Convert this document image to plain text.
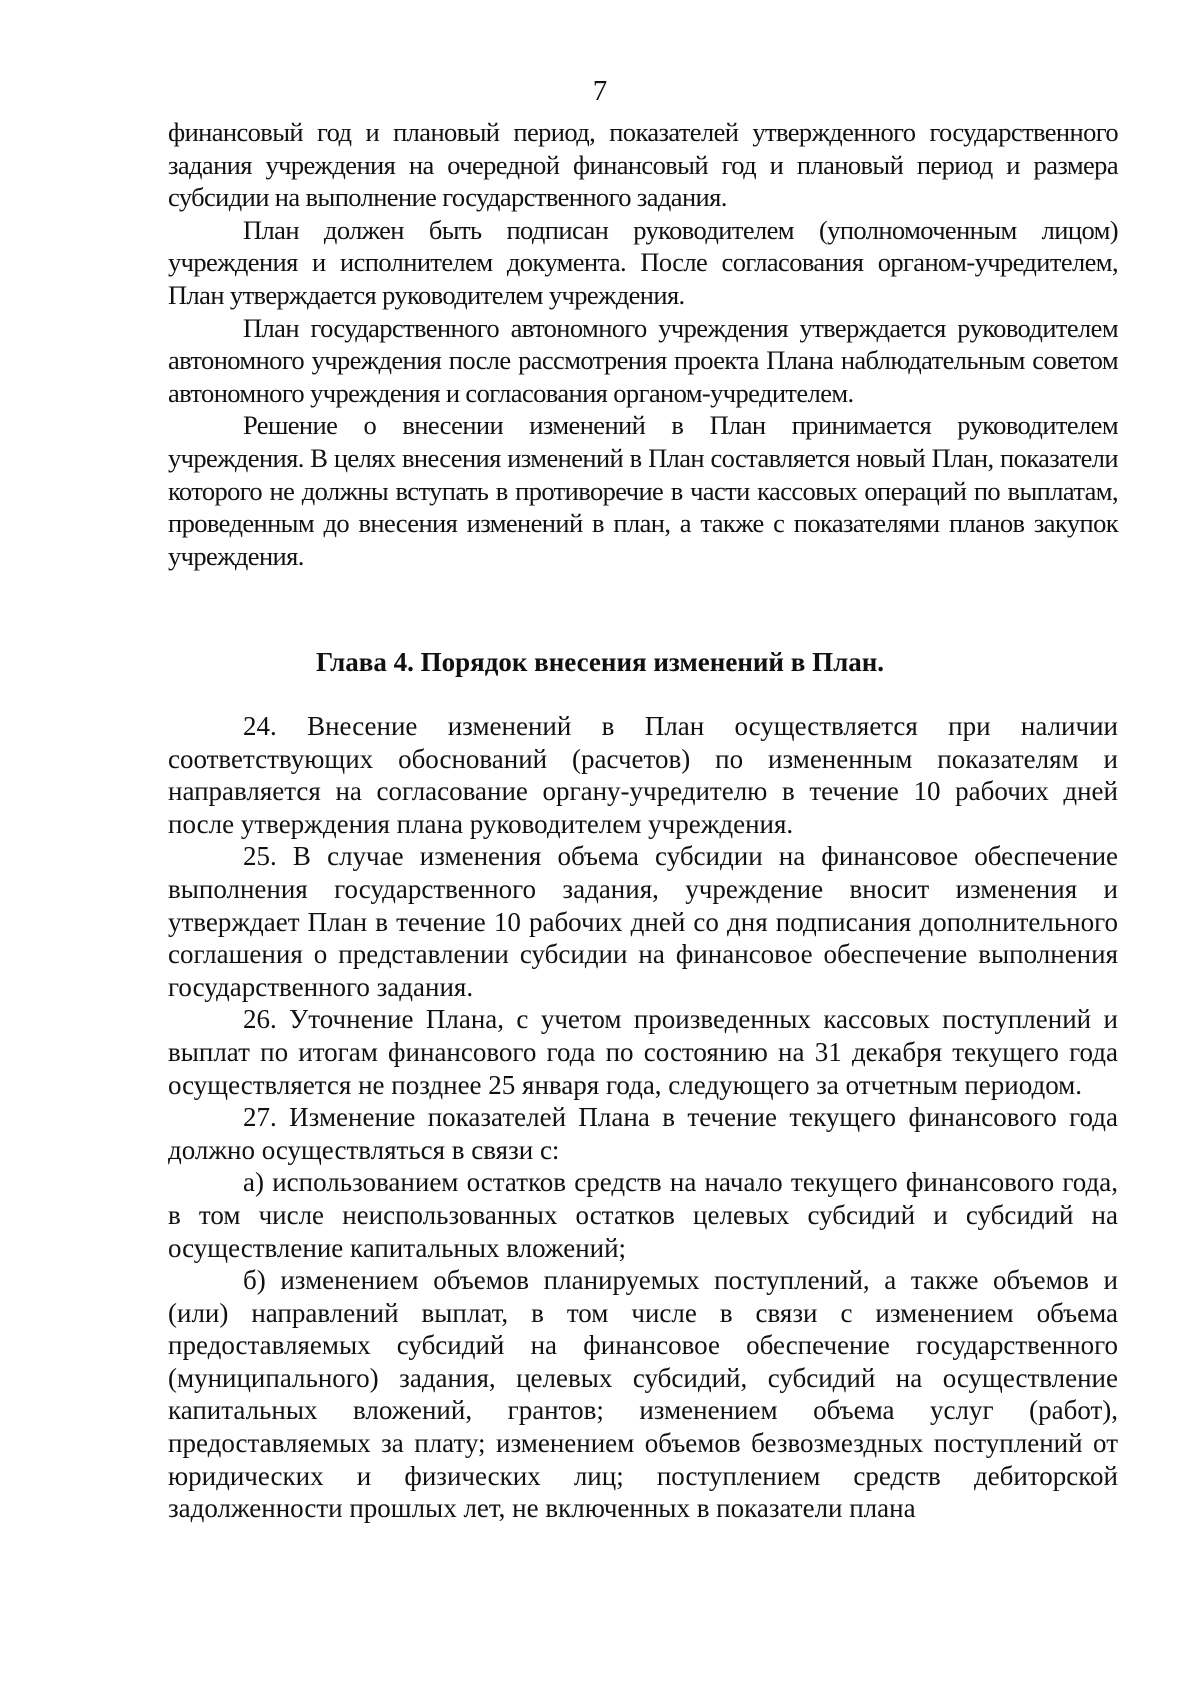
7

финансовый год и плановый период, показателей утвержденного государственного задания учреждения на очередной финансовый год и плановый период и размера субсидии на выполнение государственного задания.

План должен быть подписан руководителем (уполномоченным лицом) учреждения и исполнителем документа. После согласования органом-учредителем, План утверждается руководителем учреждения.

План государственного автономного учреждения утверждается руководителем автономного учреждения после рассмотрения проекта Плана наблюдательным советом автономного учреждения и согласования органом-учредителем.

Решение о внесении изменений в План принимается руководителем учреждения. В целях внесения изменений в План составляется новый План, показатели которого не должны вступать в противоречие в части кассовых операций по выплатам, проведенным до внесения изменений в план, а также с показателями планов закупок учреждения.

Глава 4. Порядок внесения изменений в План.

24. Внесение изменений в План осуществляется при наличии соответствующих обоснований (расчетов) по измененным показателям и направляется на согласование органу-учредителю в течение 10 рабочих дней после утверждения плана руководителем учреждения.

25. В случае изменения объема субсидии на финансовое обеспечение выполнения государственного задания, учреждение вносит изменения и утверждает План в течение 10 рабочих дней со дня подписания дополнительного соглашения о представлении субсидии на финансовое обеспечение выполнения государственного задания.

26. Уточнение Плана, с учетом произведенных кассовых поступлений и выплат по итогам финансового года по состоянию на 31 декабря текущего года осуществляется не позднее 25 января года, следующего за отчетным периодом.

27. Изменение показателей Плана в течение текущего финансового года должно осуществляться в связи с:

а) использованием остатков средств на начало текущего финансового года, в том числе неиспользованных остатков целевых субсидий и субсидий на осуществление капитальных вложений;

б) изменением объемов планируемых поступлений, а также объемов и (или) направлений выплат, в том числе в связи с изменением объема предоставляемых субсидий на финансовое обеспечение государственного (муниципального) задания, целевых субсидий, субсидий на осуществление капитальных вложений, грантов; изменением объема услуг (работ), предоставляемых за плату; изменением объемов безвозмездных поступлений от юридических и физических лиц; поступлением средств дебиторской задолженности прошлых лет, не включенных в показатели плана
